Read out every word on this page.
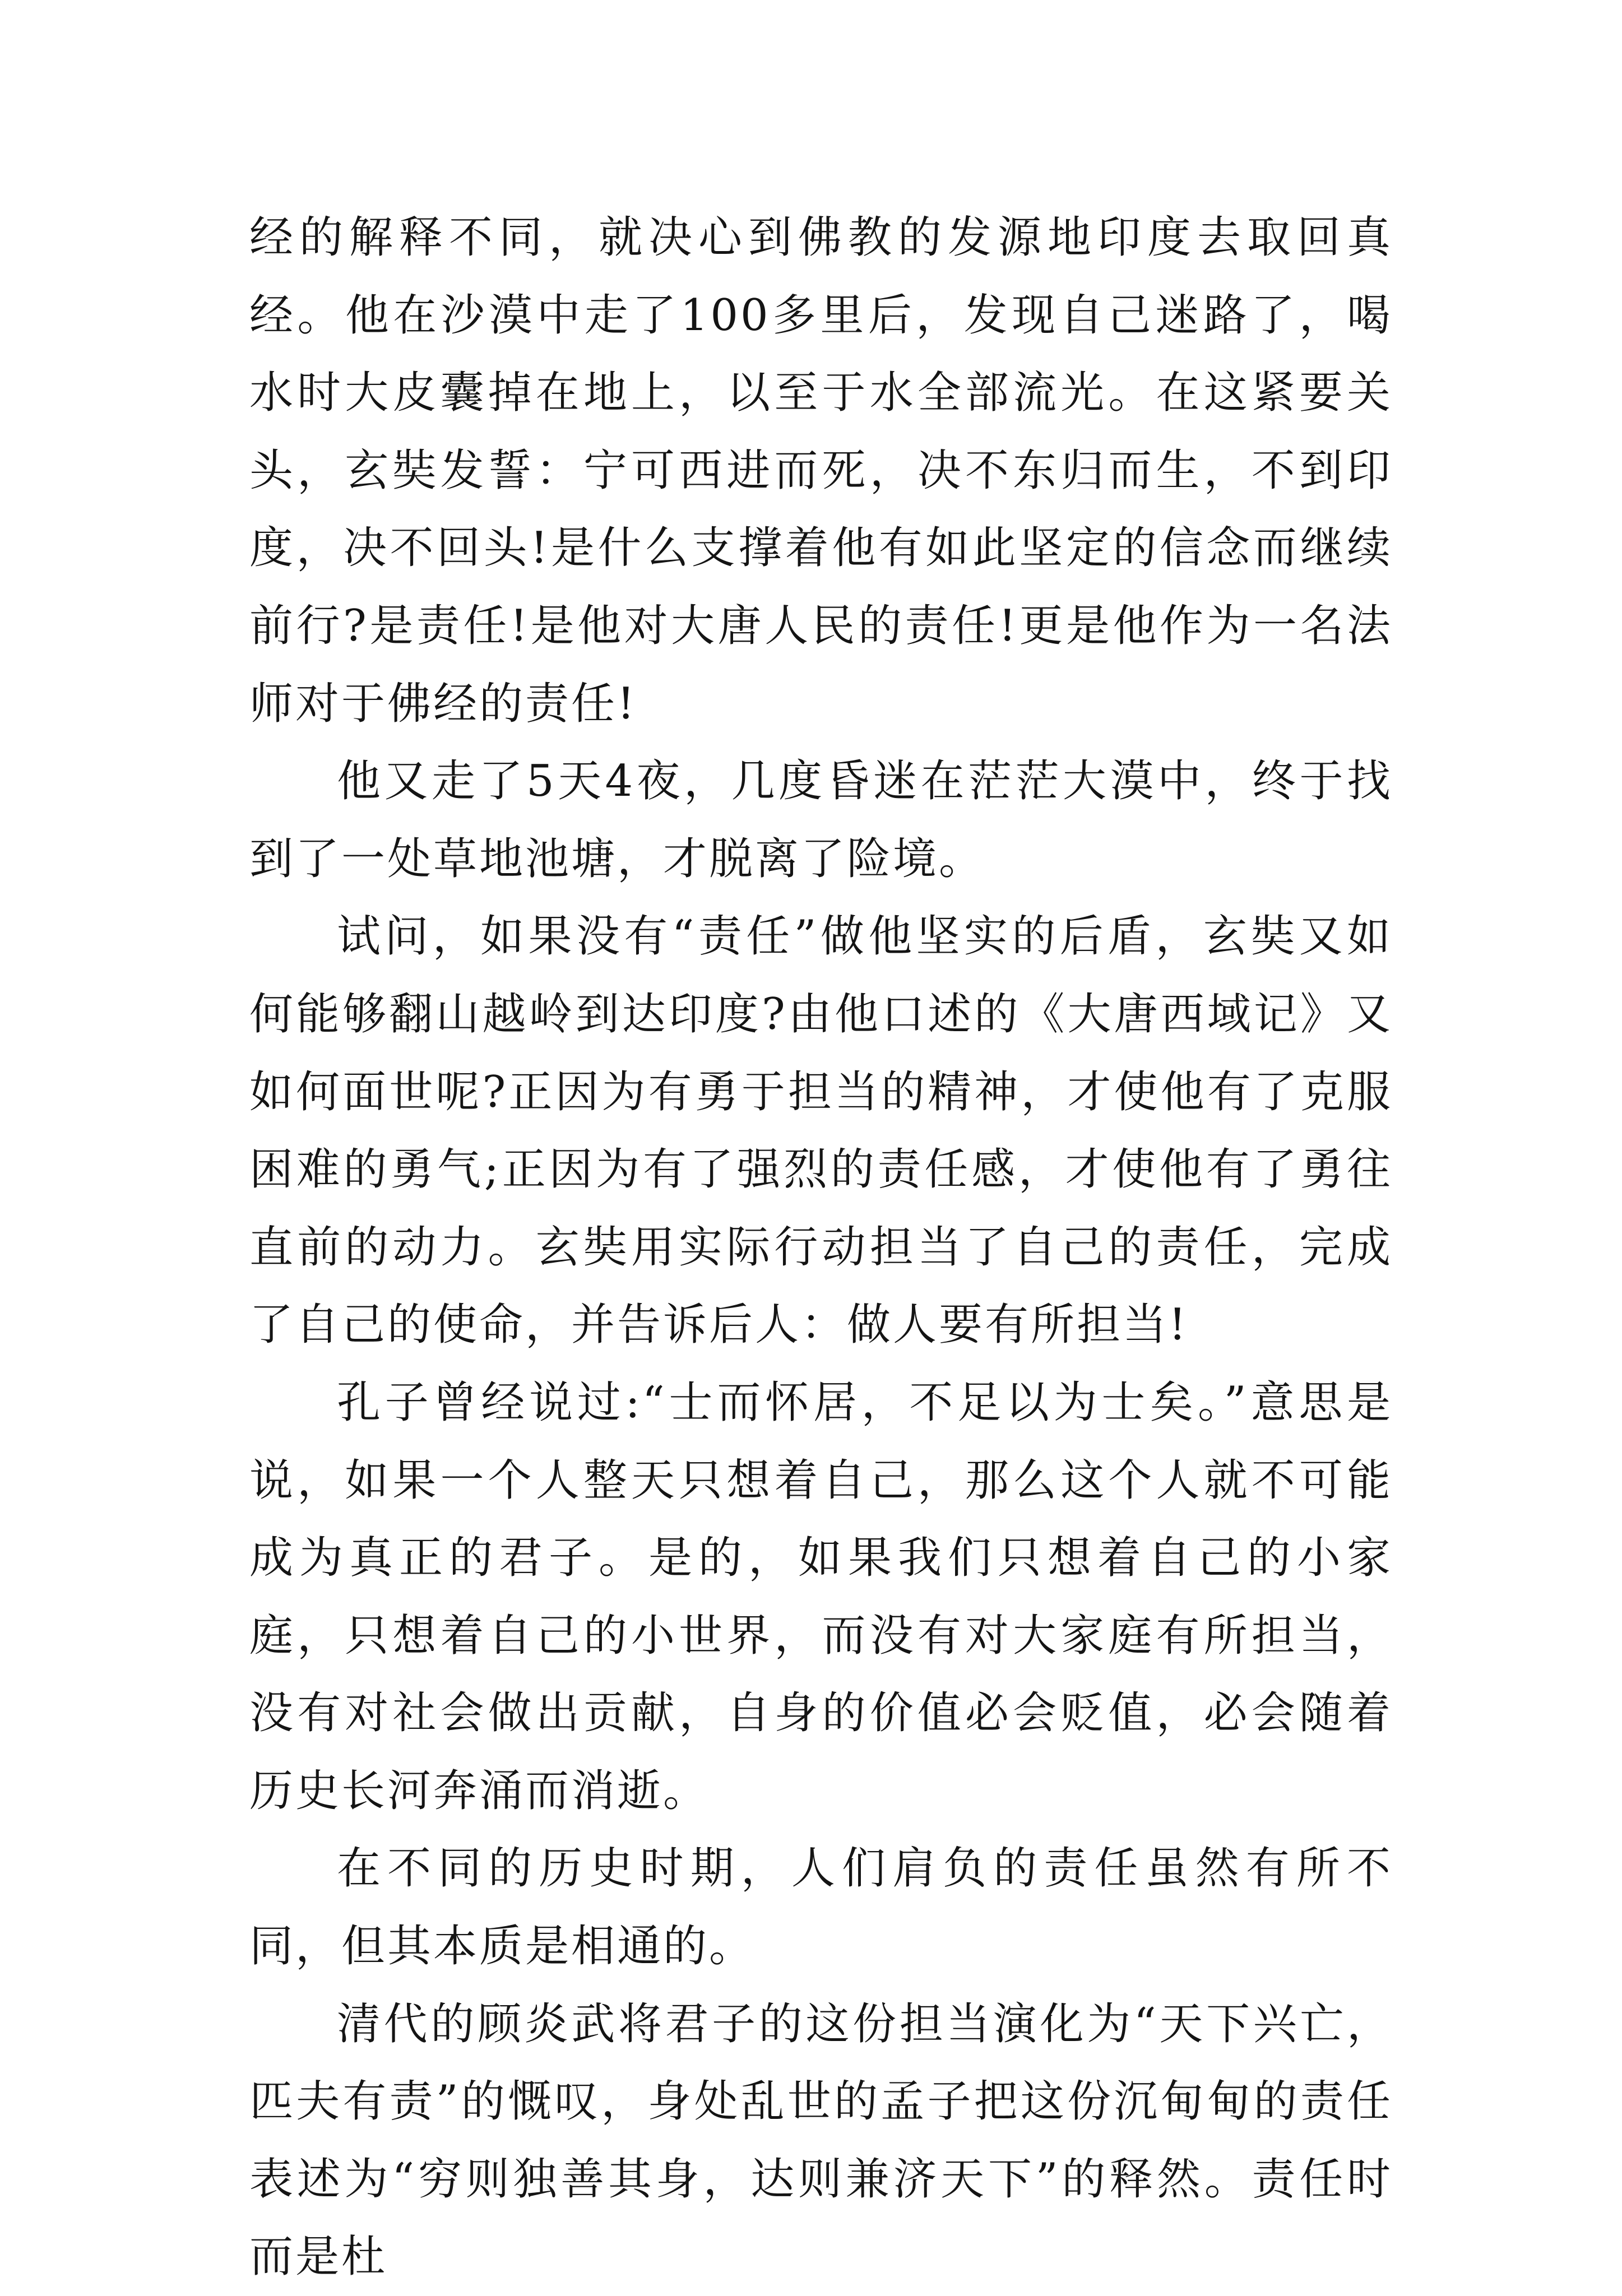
经的解释不同，就决心到佛教的发源地印度去取回真经。他在沙漠中走了100多里后，发现自己迷路了，喝水时大皮囊掉在地上，以至于水全部流光。在这紧要关头，玄奘发誓：宁可西进而死，决不东归而生，不到印度，决不回头!是什么支撑着他有如此坚定的信念而继续前行?是责任!是他对大唐人民的责任!更是他作为一名法师对于佛经的责任!

他又走了5天4夜，几度昏迷在茫茫大漠中，终于找到了一处草地池塘，才脱离了险境。

试问，如果没有“责任”做他坚实的后盾，玄奘又如何能够翻山越岭到达印度?由他口述的《大唐西域记》又如何面世呢?正因为有勇于担当的精神，才使他有了克服困难的勇气;正因为有了强烈的责任感，才使他有了勇往直前的动力。玄奘用实际行动担当了自己的责任，完成了自己的使命，并告诉后人：做人要有所担当!

孔子曾经说过:“士而怀居，不足以为士矣。”意思是说，如果一个人整天只想着自己，那么这个人就不可能成为真正的君子。是的，如果我们只想着自己的小家庭，只想着自己的小世界，而没有对大家庭有所担当，没有对社会做出贡献，自身的价值必会贬值，必会随着历史长河奔涌而消逝。

在不同的历史时期，人们肩负的责任虽然有所不同，但其本质是相通的。

清代的顾炎武将君子的这份担当演化为“天下兴亡，匹夫有责”的慨叹，身处乱世的孟子把这份沉甸甸的责任表述为“穷则独善其身，达则兼济天下”的释然。责任时而是杜
